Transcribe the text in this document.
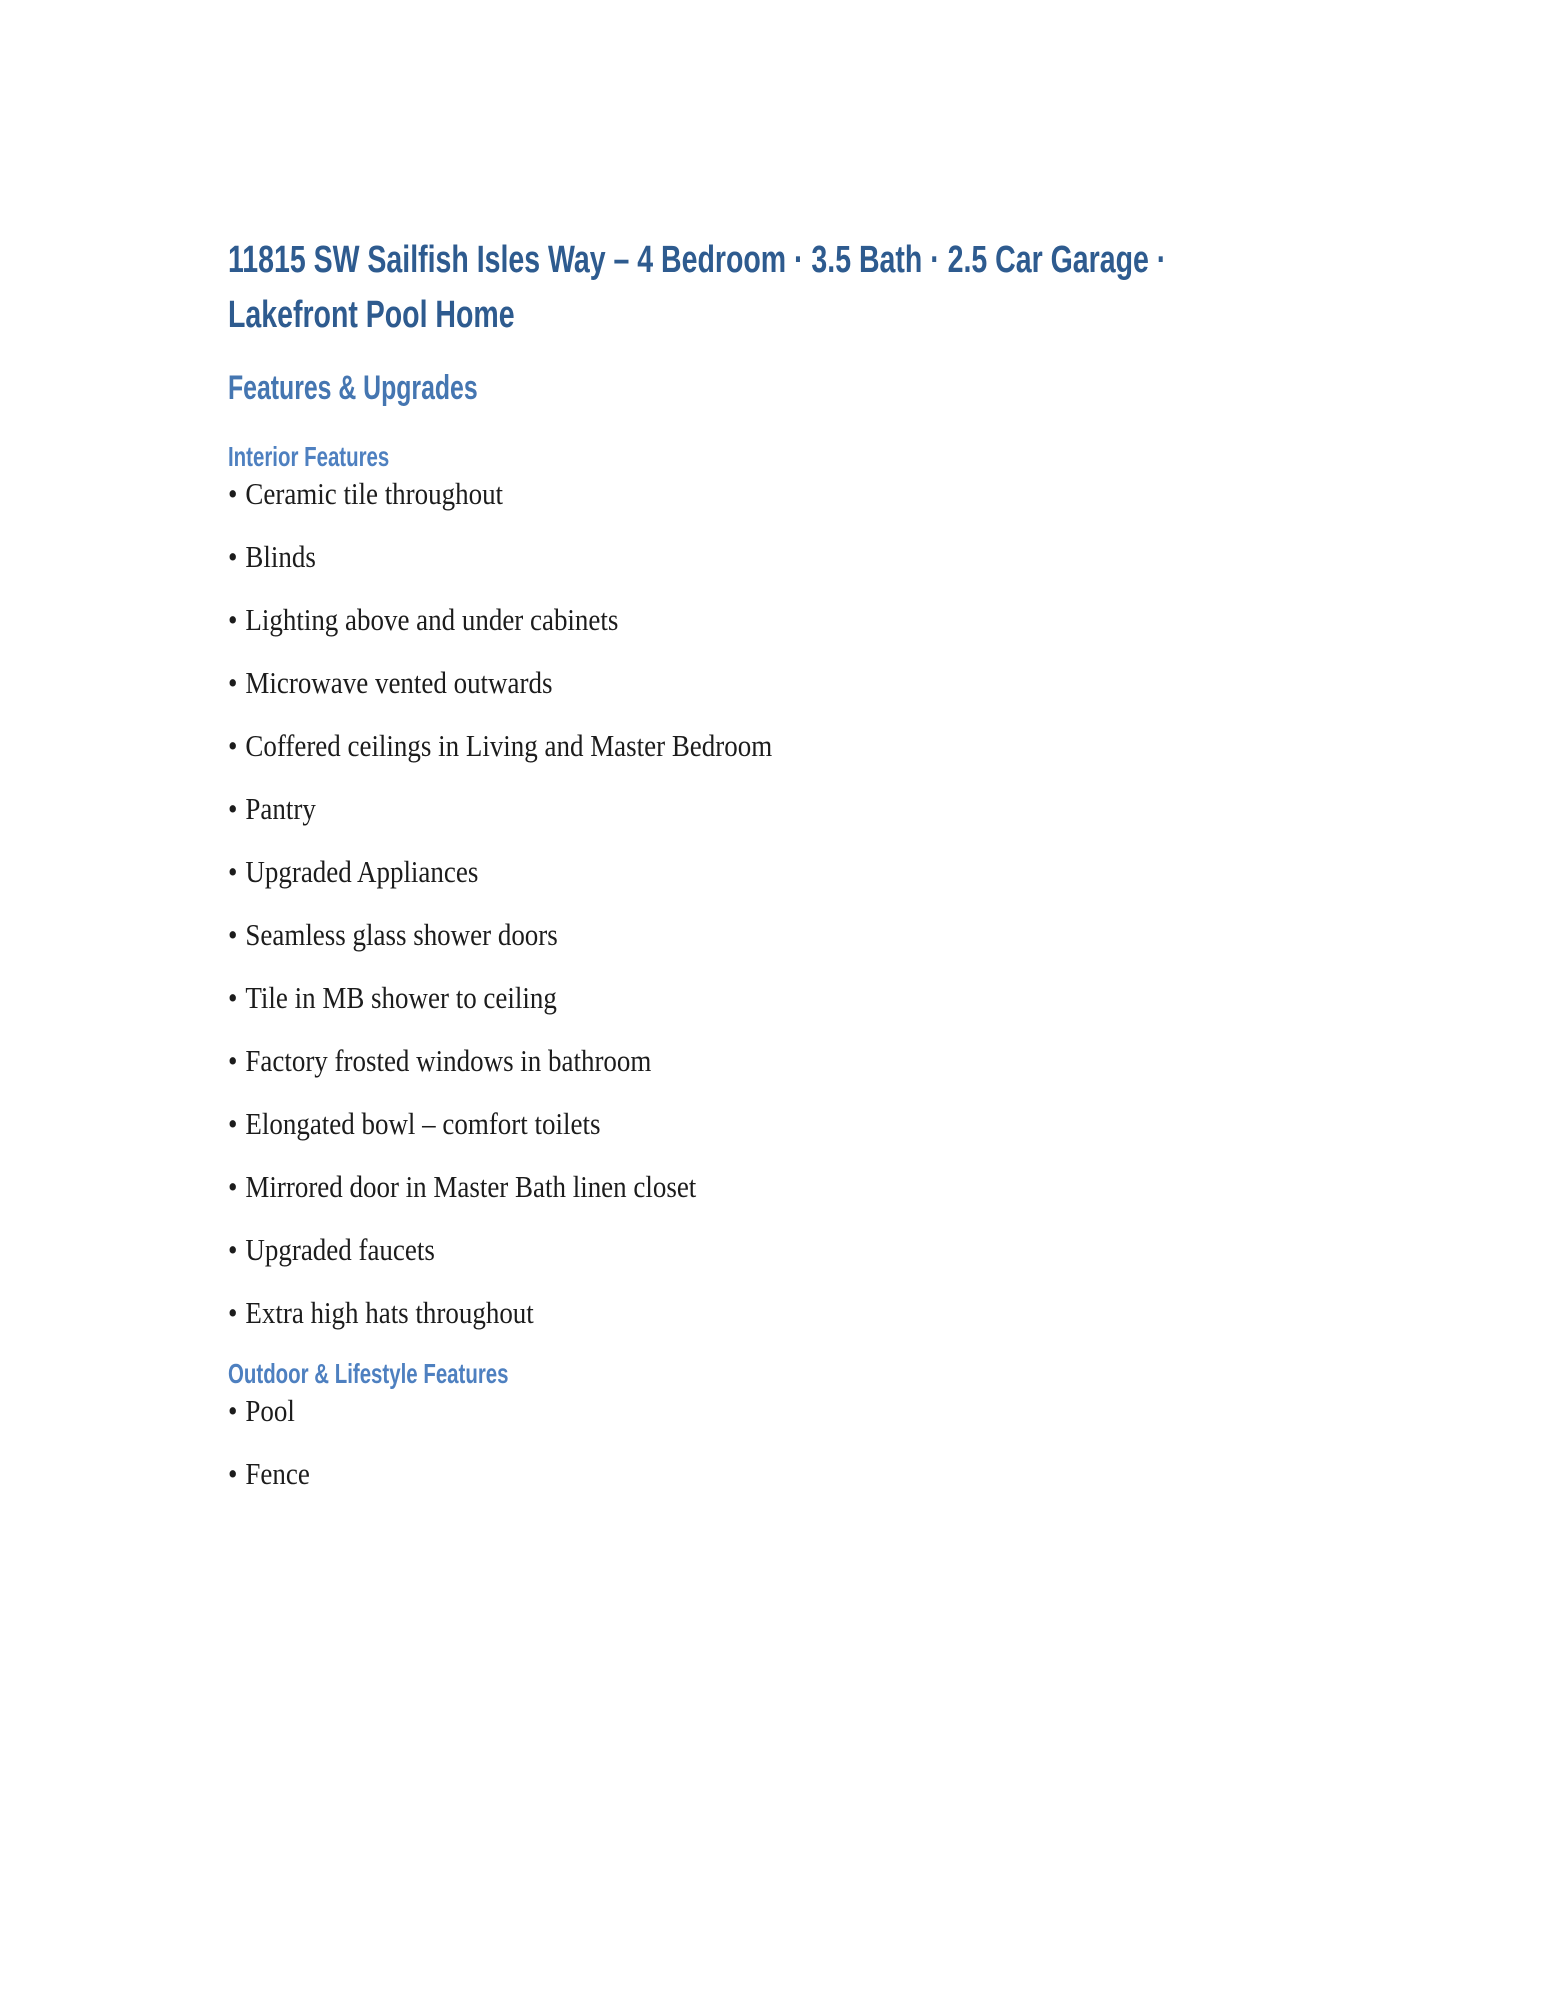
11815 SW Sailfish Isles Way – 4 Bedroom · 3.5 Bath · 2.5 Car Garage ·
Lakefront Pool Home
Features & Upgrades
Interior Features
• Ceramic tile throughout
• Blinds
• Lighting above and under cabinets
• Microwave vented outwards
• Coffered ceilings in Living and Master Bedroom
• Pantry
• Upgraded Appliances
• Seamless glass shower doors
• Tile in MB shower to ceiling
• Factory frosted windows in bathroom
• Elongated bowl – comfort toilets
• Mirrored door in Master Bath linen closet
• Upgraded faucets
• Extra high hats throughout
Outdoor & Lifestyle Features
• Pool
• Fence
